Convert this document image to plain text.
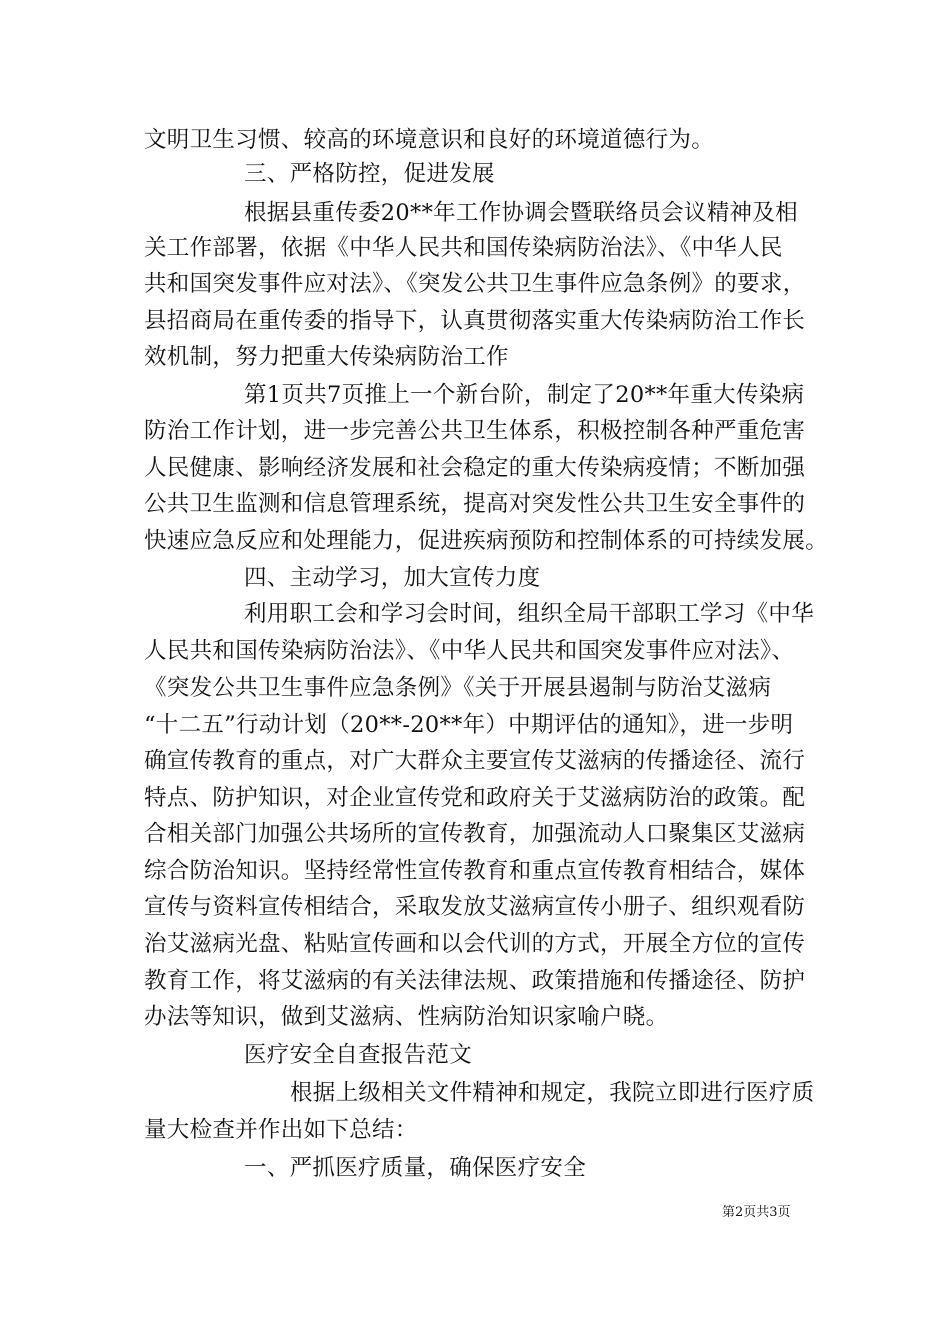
文明卫生习惯、较高的环境意识和良好的环境道德行为。
三、严格防控，促进发展
根据县重传委20**年工作协调会暨联络员会议精神及相
关工作部署，依据《中华人民共和国传染病防治法》、《中华人民
共和国突发事件应对法》、《突发公共卫生事件应急条例》的要求，
县招商局在重传委的指导下，认真贯彻落实重大传染病防治工作长
效机制，努力把重大传染病防治工作
第1页共7页推上一个新台阶，制定了20**年重大传染病
防治工作计划，进一步完善公共卫生体系，积极控制各种严重危害
人民健康、影响经济发展和社会稳定的重大传染病疫情；不断加强
公共卫生监测和信息管理系统，提高对突发性公共卫生安全事件的
快速应急反应和处理能力，促进疾病预防和控制体系的可持续发展。
四、主动学习，加大宣传力度
利用职工会和学习会时间，组织全局干部职工学习《中华
人民共和国传染病防治法》、《中华人民共和国突发事件应对法》、
《突发公共卫生事件应急条例》《关于开展县遏制与防治艾滋病
“十二五”行动计划（20**-20**年）中期评估的通知》，进一步明
确宣传教育的重点，对广大群众主要宣传艾滋病的传播途径、流行
特点、防护知识，对企业宣传党和政府关于艾滋病防治的政策。配
合相关部门加强公共场所的宣传教育，加强流动人口聚集区艾滋病
综合防治知识。坚持经常性宣传教育和重点宣传教育相结合，媒体
宣传与资料宣传相结合，采取发放艾滋病宣传小册子、组织观看防
治艾滋病光盘、粘贴宣传画和以会代训的方式，开展全方位的宣传
教育工作，将艾滋病的有关法律法规、政策措施和传播途径、防护
办法等知识，做到艾滋病、性病防治知识家喻户晓。
医疗安全自查报告范文
根据上级相关文件精神和规定，我院立即进行医疗质
量大检查并作出如下总结：
一、严抓医疗质量，确保医疗安全
第2页共3页
